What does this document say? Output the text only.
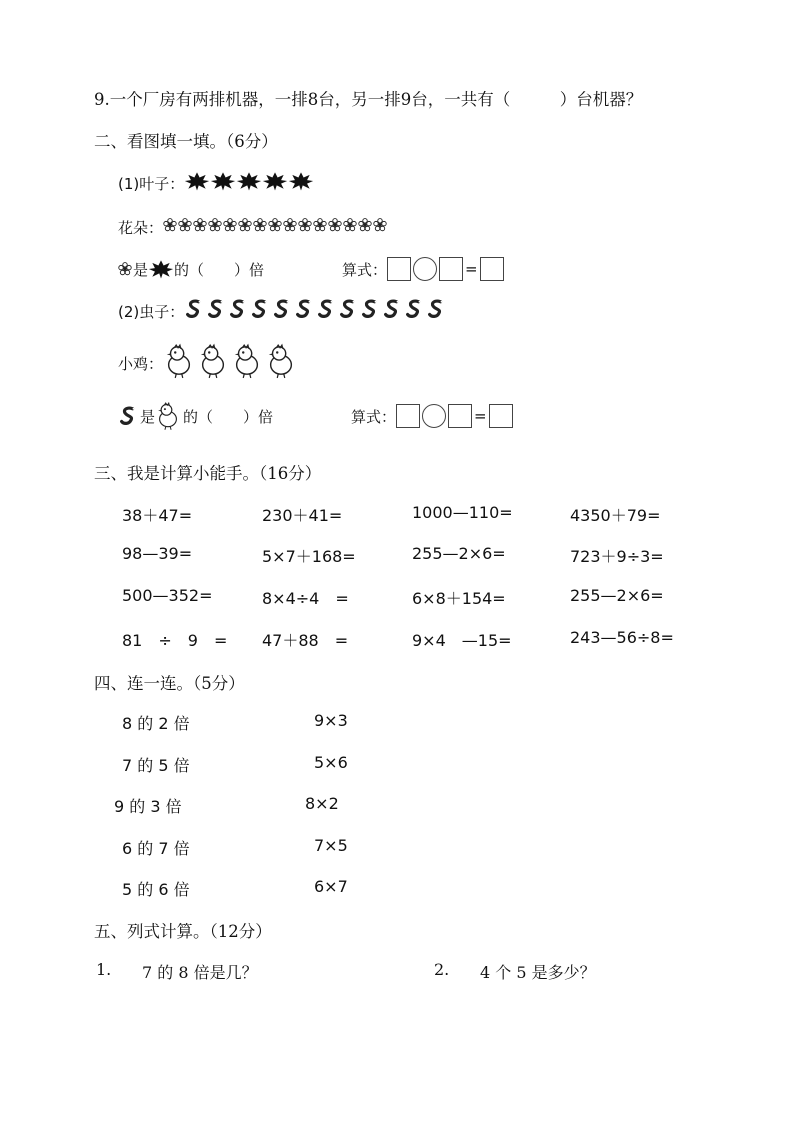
9.一个厂房有两排机器，一排8台，另一排9台，一共有（　　　）台机器？
二、看图填一填。（6分）
(1)叶子：
花朵：
是 的（　　）倍	算式：	=
(2)虫子：
小鸡：
是 的（　　）倍	算式：	=
三、我是计算小能手。（16分）
38＋47=	230＋41=	1000—110=	4350＋79=
98—39=	5×7＋168=	255—2×6=	723＋9÷3=
500—352=	8×4÷4　=	6×8＋154=	255—2×6=
81　÷　9　= 47＋88　=	9×4　—15=	243—56÷8=
四、连一连。（5分）
8 的 2 倍	9×3
7 的 5 倍	5×6
9 的 3 倍	8×2
6 的 7 倍	7×5
5 的 6 倍	6×7
五、列式计算。（12分）
1. 7 的 8 倍是几？	2. 4 个 5 是多少？
